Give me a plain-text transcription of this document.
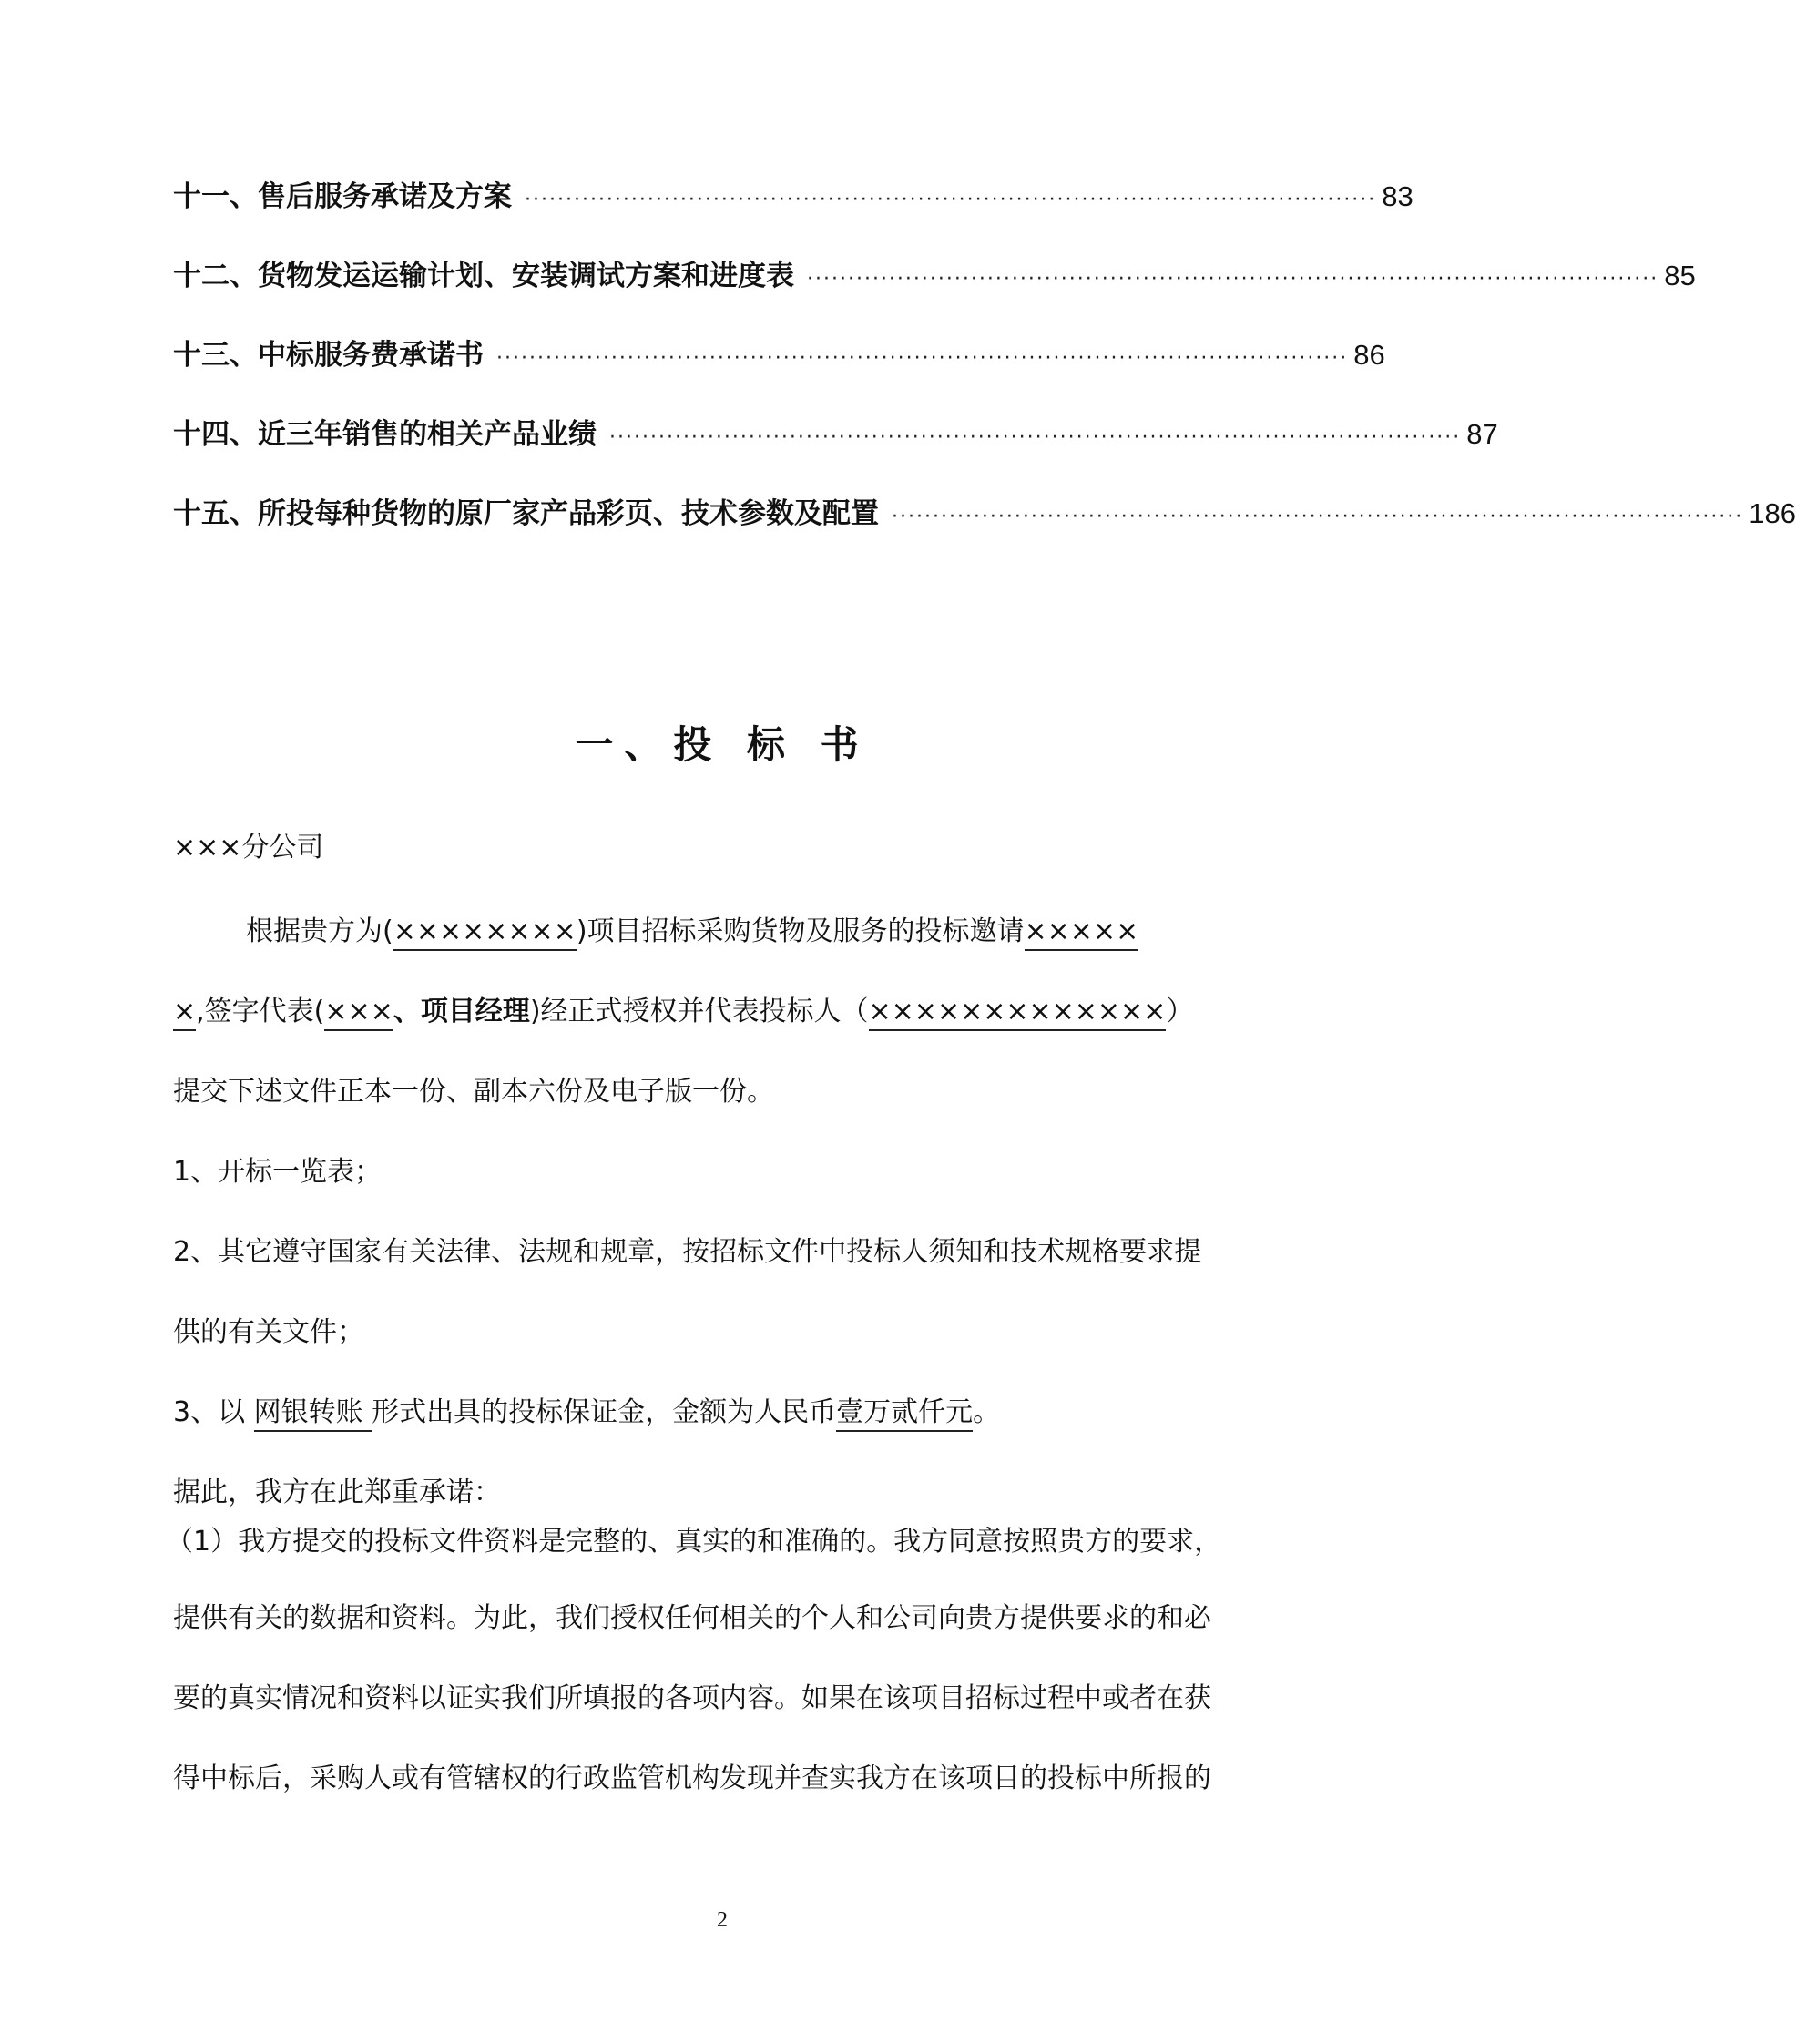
十一、售后服务承诺及方案 ········································································································ 83
十二、货物发运运输计划、安装调试方案和进度表 ········································································································ 85
十三、中标服务费承诺书 ········································································································ 86
十四、近三年销售的相关产品业绩 ········································································································ 87
十五、所投每种货物的原厂家产品彩页、技术参数及配置 ········································································································ 186
一、投 标 书
×××分公司
根据贵方为(××××××××)项目招标采购货物及服务的投标邀请×××××
×,签字代表(×××、项目经理)经正式授权并代表投标人（×××××××××××××）
提交下述文件正本一份、副本六份及电子版一份。
1、开标一览表；
2、其它遵守国家有关法律、法规和规章，按招标文件中投标人须知和技术规格要求提
供的有关文件；
3、以 网银转账 形式出具的投标保证金，金额为人民币壹万贰仟元。
据此，我方在此郑重承诺：
（1）我方提交的投标文件资料是完整的、真实的和准确的。我方同意按照贵方的要求，
提供有关的数据和资料。为此，我们授权任何相关的个人和公司向贵方提供要求的和必
要的真实情况和资料以证实我们所填报的各项内容。如果在该项目招标过程中或者在获
得中标后，采购人或有管辖权的行政监管机构发现并查实我方在该项目的投标中所报的
2
